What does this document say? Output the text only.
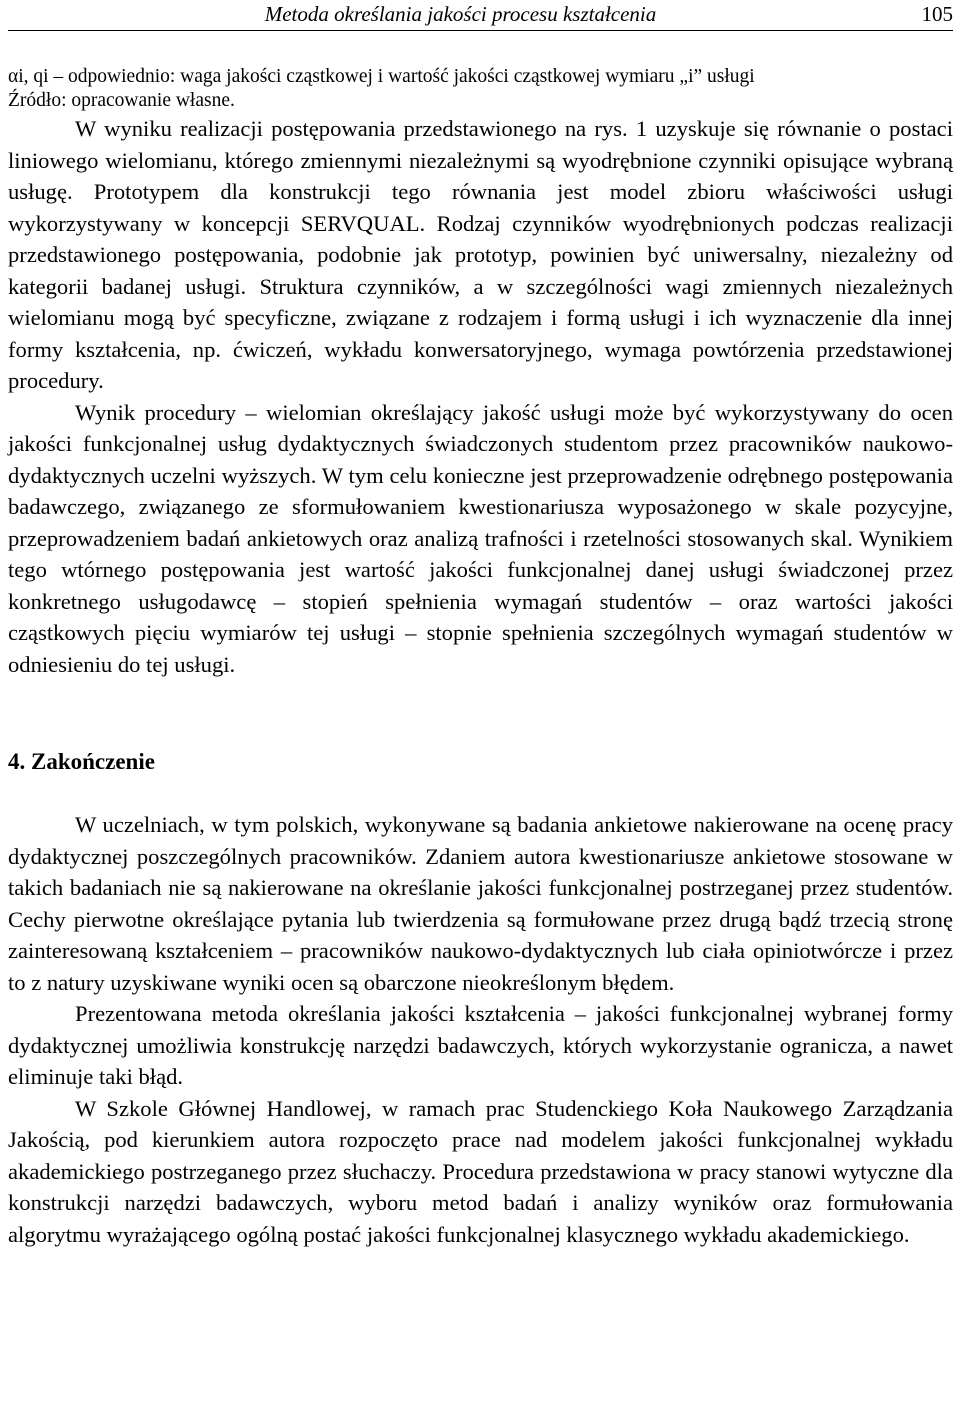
Metoda określania jakości procesu kształcenia	105

αi, qi – odpowiednio: waga jakości cząstkowej i wartość jakości cząstkowej wymiaru „i” usługi

Źródło: opracowanie własne.

W wyniku realizacji postępowania przedstawionego na rys. 1 uzyskuje się równanie o postaci liniowego wielomianu, którego zmiennymi niezależnymi są wyodrębnione czynniki opisujące wybraną usługę. Prototypem dla konstrukcji tego równania jest model zbioru właściwości usługi wykorzystywany w koncepcji SERVQUAL. Rodzaj czynników wyodrębnionych podczas realizacji przedstawionego postępowania, podobnie jak prototyp, powinien być uniwersalny, niezależny od kategorii badanej usługi. Struktura czynników, a w szczególności wagi zmiennych niezależnych wielomianu mogą być specyficzne, związane z rodzajem i formą usługi i ich wyznaczenie dla innej formy kształcenia, np. ćwiczeń, wykładu konwersatoryjnego, wymaga powtórzenia przedstawionej procedury.

Wynik procedury – wielomian określający jakość usługi może być wykorzystywany do ocen jakości funkcjonalnej usług dydaktycznych świadczonych studentom przez pracowników naukowo-dydaktycznych uczelni wyższych. W tym celu konieczne jest przeprowadzenie odrębnego postępowania badawczego, związanego ze sformułowaniem kwestionariusza wyposażonego w skale pozycyjne, przeprowadzeniem badań ankietowych oraz analizą trafności i rzetelności stosowanych skal. Wynikiem tego wtórnego postępowania jest wartość jakości funkcjonalnej danej usługi świadczonej przez konkretnego usługodawcę – stopień spełnienia wymagań studentów – oraz wartości jakości cząstkowych pięciu wymiarów tej usługi – stopnie spełnienia szczególnych wymagań studentów w odniesieniu do tej usługi.

4. Zakończenie

W uczelniach, w tym polskich, wykonywane są badania ankietowe nakierowane na ocenę pracy dydaktycznej poszczególnych pracowników. Zdaniem autora kwestionariusze ankietowe stosowane w takich badaniach nie są nakierowane na określanie jakości funkcjonalnej postrzeganej przez studentów. Cechy pierwotne określające pytania lub twierdzenia są formułowane przez drugą bądź trzecią stronę zainteresowaną kształceniem – pracowników naukowo-dydaktycznych lub ciała opiniotwórcze i przez to z natury uzyskiwane wyniki ocen są obarczone nieokreślonym błędem.

Prezentowana metoda określania jakości kształcenia – jakości funkcjonalnej wybranej formy dydaktycznej umożliwia konstrukcję narzędzi badawczych, których wykorzystanie ogranicza, a nawet eliminuje taki błąd.

W Szkole Głównej Handlowej, w ramach prac Studenckiego Koła Naukowego Zarządzania Jakością, pod kierunkiem autora rozpoczęto prace nad modelem jakości funkcjonalnej wykładu akademickiego postrzeganego przez słuchaczy. Procedura przedstawiona w pracy stanowi wytyczne dla konstrukcji narzędzi badawczych, wyboru metod badań i analizy wyników oraz formułowania algorytmu wyrażającego ogólną postać jakości funkcjonalnej klasycznego wykładu akademickiego.
